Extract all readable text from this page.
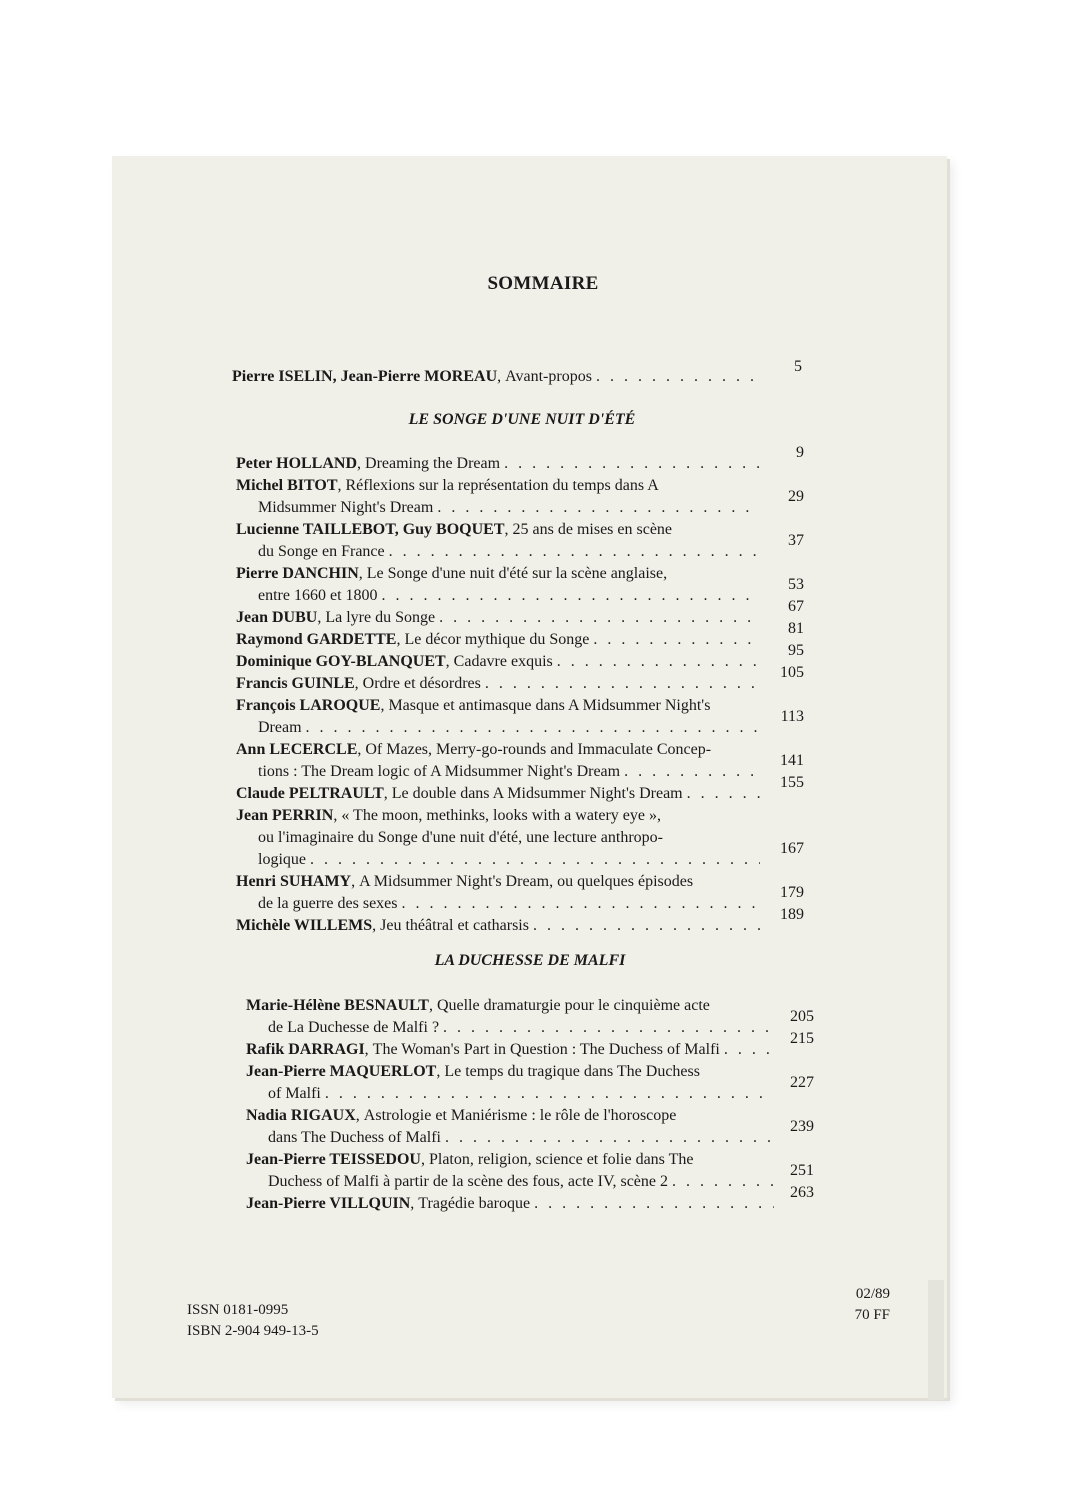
SOMMAIRE
Pierre ISELIN, Jean-Pierre MOREAU , Avant-propos
. . .
5
LE SONGE D'UNE NUIT D'ÉTÉ
Peter HOLLAND , Dreaming the Dream
. . .
9
Michel BITOT , Réflexions sur la représentation du temps dans A
Midsummer Night's Dream
. . .
29
Lucienne TAILLEBOT, Guy BOQUET , 25 ans de mises en scène
du Songe en France
. . .
37
Pierre DANCHIN , Le Songe d'une nuit d'été sur la scène anglaise,
entre 1660 et 1800
. . .
53
Jean DUBU , La lyre du Songe
. . .
67
Raymond GARDETTE , Le décor mythique du Songe
. . .
81
Dominique GOY-BLANQUET , Cadavre exquis
. . .
95
Francis GUINLE , Ordre et désordres
. . .
105
François LAROQUE , Masque et antimasque dans A Midsummer Night's
Dream
. . .
113
Ann LECERCLE , Of Mazes, Merry-go-rounds and Immaculate Concep-
tions : The Dream logic of A Midsummer Night's Dream
. . .
141
Claude PELTRAULT , Le double dans A Midsummer Night's Dream
. . .
155
Jean PERRIN , « The moon, methinks, looks with a watery eye »,
ou l'imaginaire du Songe d'une nuit d'été, une lecture anthropo-
logique
. . .
167
Henri SUHAMY , A Midsummer Night's Dream, ou quelques épisodes
de la guerre des sexes
. . .
179
Michèle WILLEMS , Jeu théâtral et catharsis
. . .
189
LA DUCHESSE DE MALFI
Marie-Hélène BESNAULT , Quelle dramaturgie pour le cinquième acte
de La Duchesse de Malfi ?
. . .
205
Rafik DARRAGI , The Woman's Part in Question : The Duchess of Malfi
. . .
215
Jean-Pierre MAQUERLOT , Le temps du tragique dans The Duchess
of Malfi
. . .
227
Nadia RIGAUX , Astrologie et Maniérisme : le rôle de l'horoscope
dans The Duchess of Malfi
. . .
239
Jean-Pierre TEISSEDOU , Platon, religion, science et folie dans The
Duchess of Malfi à partir de la scène des fous, acte IV, scène 2
. . .
251
Jean-Pierre VILLQUIN , Tragédie baroque
. . .
263
ISSN 0181-0995
ISBN 2-904 949-13-5
02/89
70 FF
